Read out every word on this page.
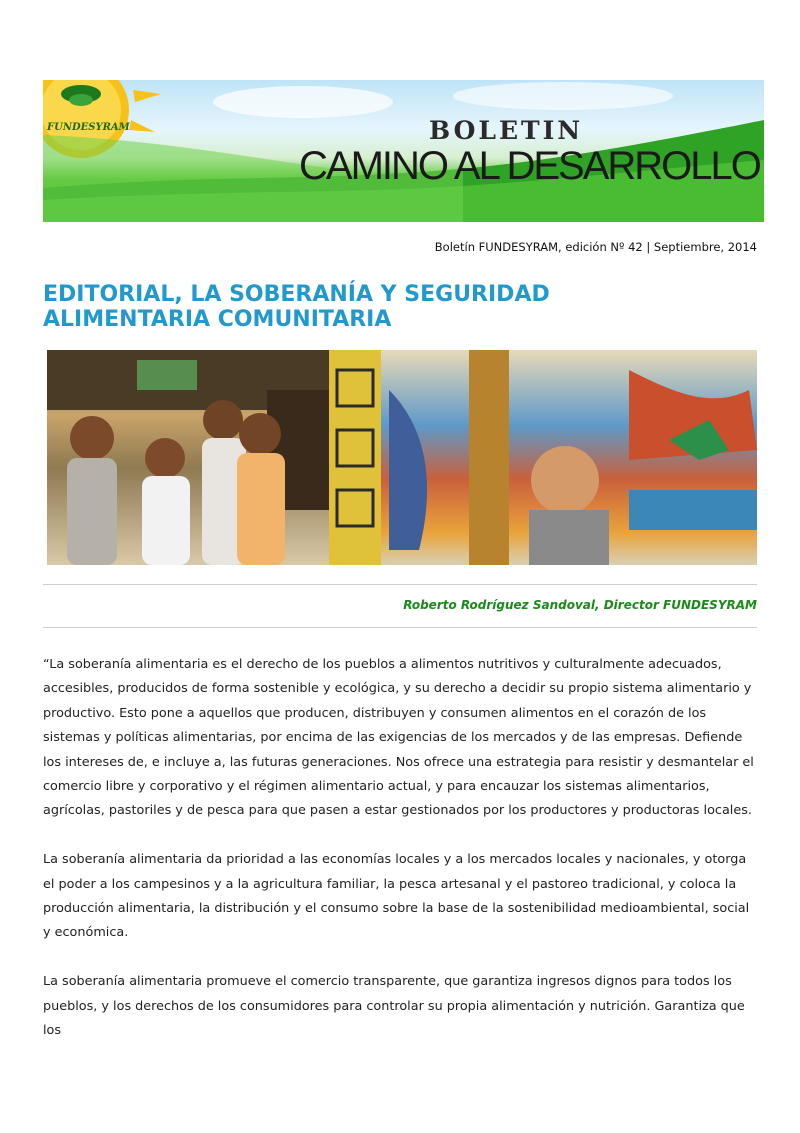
FUNDESYRAM	BOLETIN
CAMINO AL DESARROLLO
Boletín FUNDESYRAM, edición Nº 42 | Septiembre, 2014
EDITORIAL, LA SOBERANÍA Y SEGURIDAD ALIMENTARIA COMUNITARIA
Roberto Rodríguez Sandoval, Director FUNDESYRAM

“La soberanía alimentaria es el derecho de los pueblos a alimentos nutritivos y culturalmente adecuados, accesibles, producidos de forma sostenible y ecológica, y su derecho a decidir su propio sistema alimentario y productivo. Esto pone a aquellos que producen, distribuyen y consumen alimentos en el corazón de los sistemas y políticas alimentarias, por encima de las exigencias de los mercados y de las empresas. Defiende los intereses de, e incluye a, las futuras generaciones. Nos ofrece una estrategia para resistir y desmantelar el comercio libre y corporativo y el régimen alimentario actual, y para encauzar los sistemas alimentarios, agrícolas, pastoriles y de pesca para que pasen a estar gestionados por los productores y productoras locales.

La soberanía alimentaria da prioridad a las economías locales y a los mercados locales y nacionales, y otorga el poder a los campesinos y a la agricultura familiar, la pesca artesanal y el pastoreo tradicional, y coloca la producción alimentaria, la distribución y el consumo sobre la base de la sostenibilidad medioambiental, social y económica.

La soberanía alimentaria promueve el comercio transparente, que garantiza ingresos dignos para todos los pueblos, y los derechos de los consumidores para controlar su propia alimentación y nutrición. Garantiza que los
